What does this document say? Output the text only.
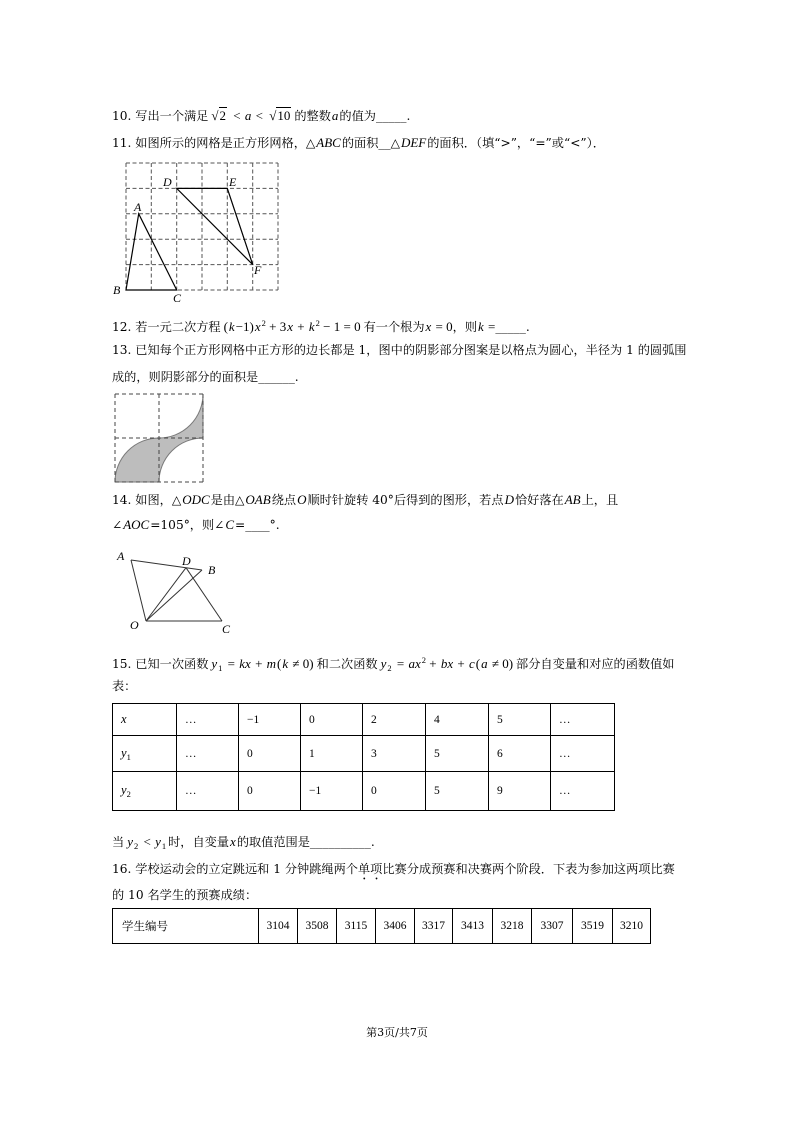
10. 写出一个满足 √2 < a < √10 的整数a的值为_____.
11. 如图所示的网格是正方形网格，△ABC的面积__△DEF的面积．（填“>”，“=”或“<”）．
12. 若一元二次方程 $(k-1)x^2 + 3x + k^2 - 1 = 0$ 有一个根为x = 0，则k =_____.
13. 已知每个正方形网格中正方形的边长都是 1，图中的阴影部分图案是以格点为圆心，半径为 1 的圆弧围
成的，则阴影部分的面积是______.
14. 如图，△ODC是由△OAB绕点O顺时针旋转 40°后得到的图形，若点D恰好落在AB上，且
∠AOC=105°，则∠C=____°.
15. 已知一次函数 $y_1$ = kx + m(k ≠ 0) 和二次函数 $y_2 = ax^2$ + bx + c(a ≠ 0) 部分自变量和对应的函数值如
表：
x	…	−1	0	2	4	5	…
$y_1$	…	0	1	3	5	6	…
$y_2$	…	0	−1	0	5	9	…
当 $y_2 < y_1$ 时，自变量x的取值范围是__________.
16. 学校运动会的立定跳远和 1 分钟跳绳两个单项比赛分成预赛和决赛两个阶段．下表为参加这两项比赛
的 10 名学生的预赛成绩：
学生编号	3104	3508	3115	3406	3317	3413	3218	3307	3519	3210
A
B
C
D	E
F
A	D
B
O	C
第3页/共7页
